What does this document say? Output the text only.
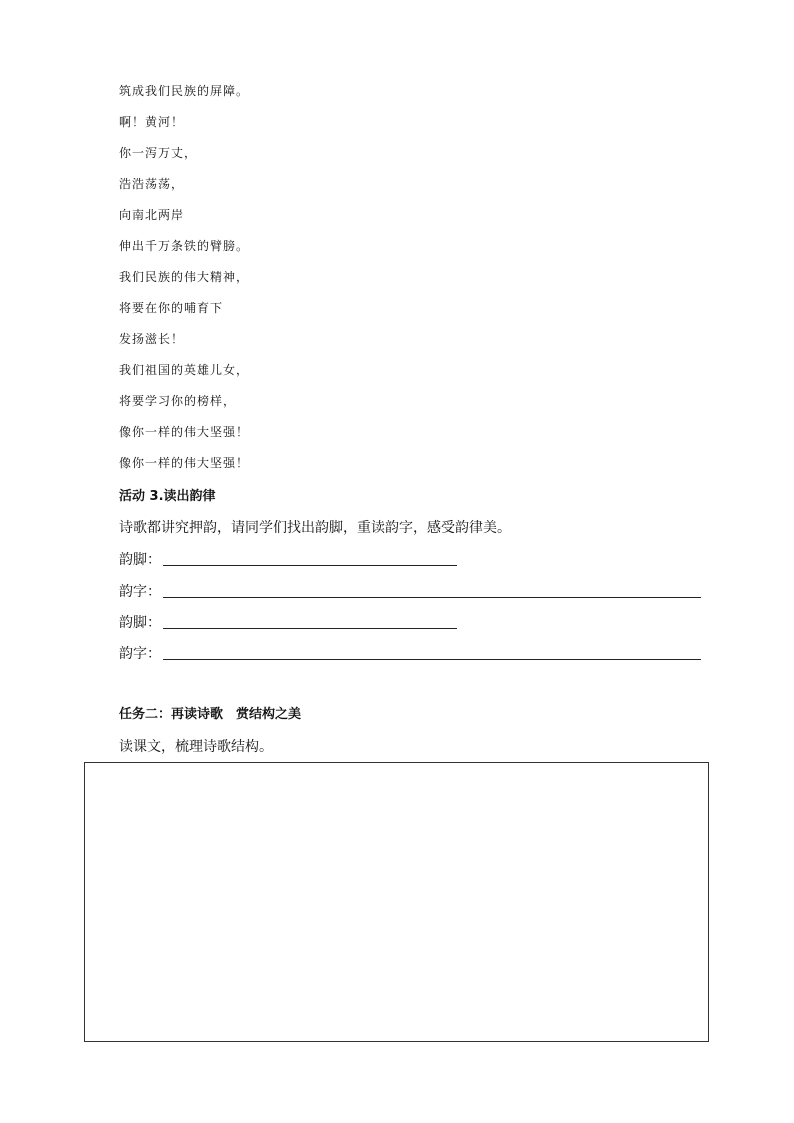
筑成我们民族的屏障。
啊！黄河！
你一泻万丈，
浩浩荡荡，
向南北两岸
伸出千万条铁的臂膀。
我们民族的伟大精神，
将要在你的哺育下
发扬滋长！
我们祖国的英雄儿女，
将要学习你的榜样，
像你一样的伟大坚强！
像你一样的伟大坚强！
活动 3.读出韵律
诗歌都讲究押韵，请同学们找出韵脚，重读韵字，感受韵律美。
韵脚：
韵字：
韵脚：
韵字：
任务二：再读诗歌　赏结构之美
读课文，梳理诗歌结构。
